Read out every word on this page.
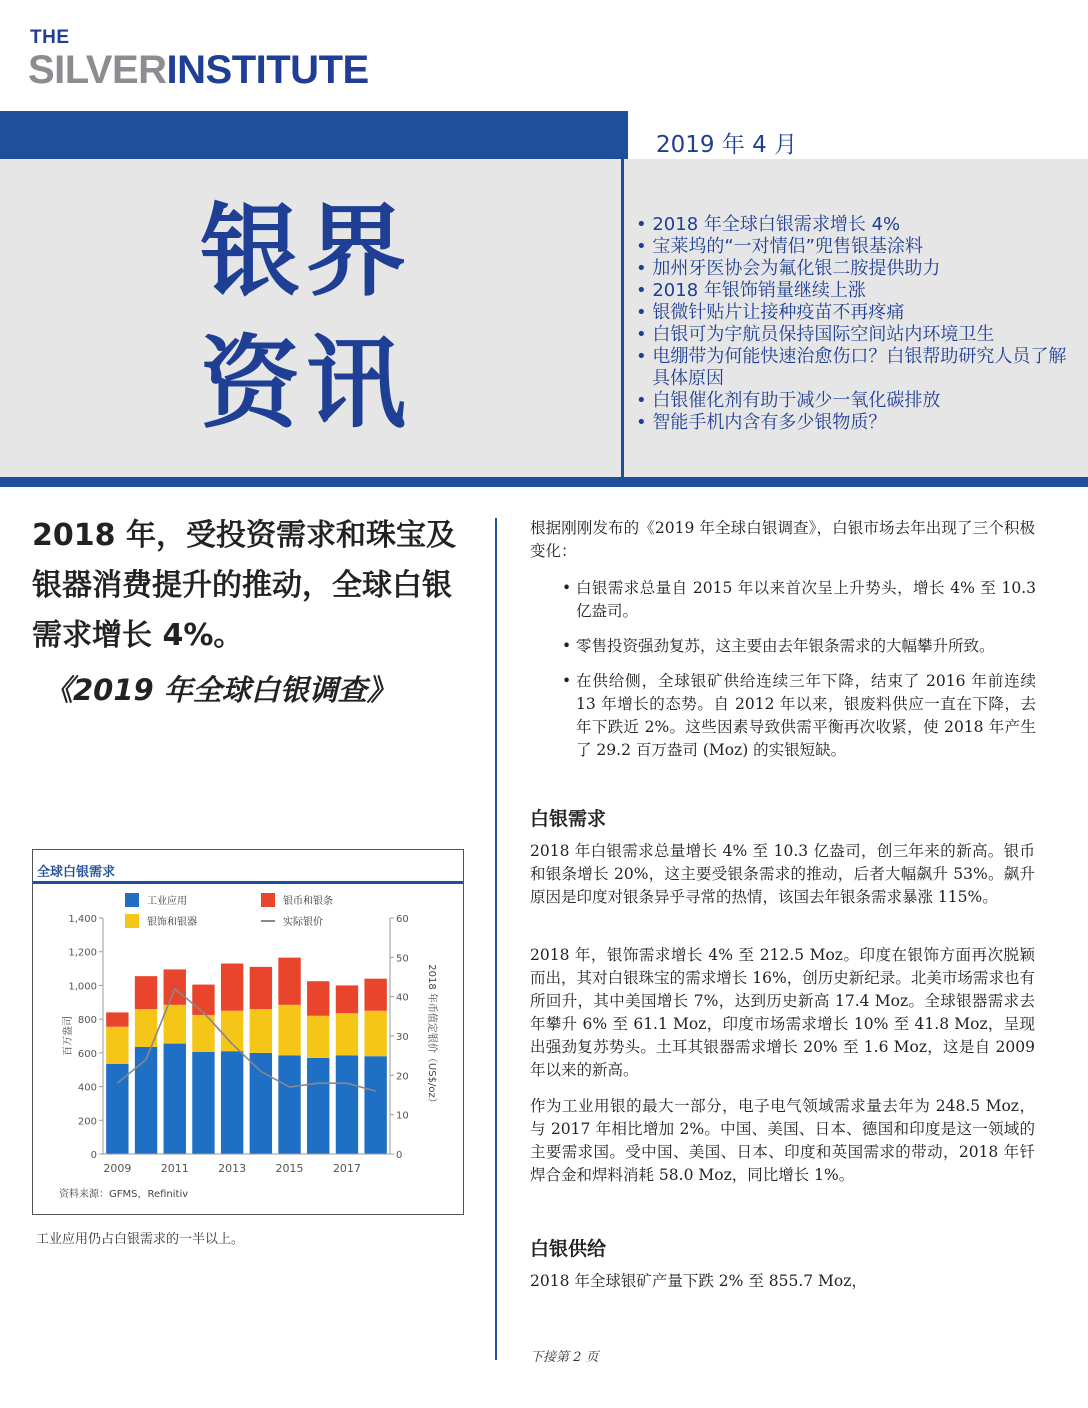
THE
SILVERINSTITUTE
2019 年 4 月
银界
资讯
• 2018 年全球白银需求增长 4%
• 宝莱坞的“一对情侣”兜售银基涂料
• 加州牙医协会为氟化银二胺提供助力
• 2018 年银饰销量继续上涨
• 银微针贴片让接种疫苗不再疼痛
• 白银可为宇航员保持国际空间站内环境卫生
• 电绷带为何能快速治愈伤口？白银帮助研究人员了解具体原因
• 白银催化剂有助于减少一氧化碳排放
• 智能手机内含有多少银物质？
2018 年，受投资需求和珠宝及银器消费提升的推动，全球白银需求增长 4%。
《2019 年全球白银调查》
全球白银需求
工业应用
银饰和银器
银币和银条
实际银价
0
200
400
600
800
1,000
1,200
1,400
百万盎司
0
10
20
30
40
50
60
2018 年币值定银价（US$/oz）
2009	2011	2013	2015	2017
资料来源：GFMS，Refinitiv
工业应用仍占白银需求的一半以上。
根据刚刚发布的《2019 年全球白银调查》，白银市场去年出现了三个积极变化：
• 白银需求总量自 2015 年以来首次呈上升势头，增长 4% 至 10.3 亿盎司。
• 零售投资强劲复苏，这主要由去年银条需求的大幅攀升所致。
• 在供给侧，全球银矿供给连续三年下降，结束了 2016 年前连续 13 年增长的态势。自 2012 年以来，银废料供应一直在下降，去年下跌近 2%。这些因素导致供需平衡再次收紧，使 2018 年产生了 29.2 百万盎司 (Moz) 的实银短缺。
白银需求
2018 年白银需求总量增长 4% 至 10.3 亿盎司，创三年来的新高。银币和银条增长 20%，这主要受银条需求的推动，后者大幅飙升 53%。飙升原因是印度对银条异乎寻常的热情，该国去年银条需求暴涨 115%。
2018 年，银饰需求增长 4% 至 212.5 Moz。印度在银饰方面再次脱颖而出，其对白银珠宝的需求增长 16%，创历史新纪录。北美市场需求也有所回升，其中美国增长 7%，达到历史新高 17.4 Moz。全球银器需求去年攀升 6% 至 61.1 Moz，印度市场需求增长 10% 至 41.8 Moz，呈现出强劲复苏势头。土耳其银器需求增长 20% 至 1.6 Moz，这是自 2009 年以来的新高。
作为工业用银的最大一部分，电子电气领域需求量去年为 248.5 Moz，与 2017 年相比增加 2%。中国、美国、日本、德国和印度是这一领域的主要需求国。受中国、美国、日本、印度和英国需求的带动，2018 年钎焊合金和焊料消耗 58.0 Moz，同比增长 1%。
白银供给
2018 年全球银矿产量下跌 2% 至 855.7 Moz，
下接第 2 页
